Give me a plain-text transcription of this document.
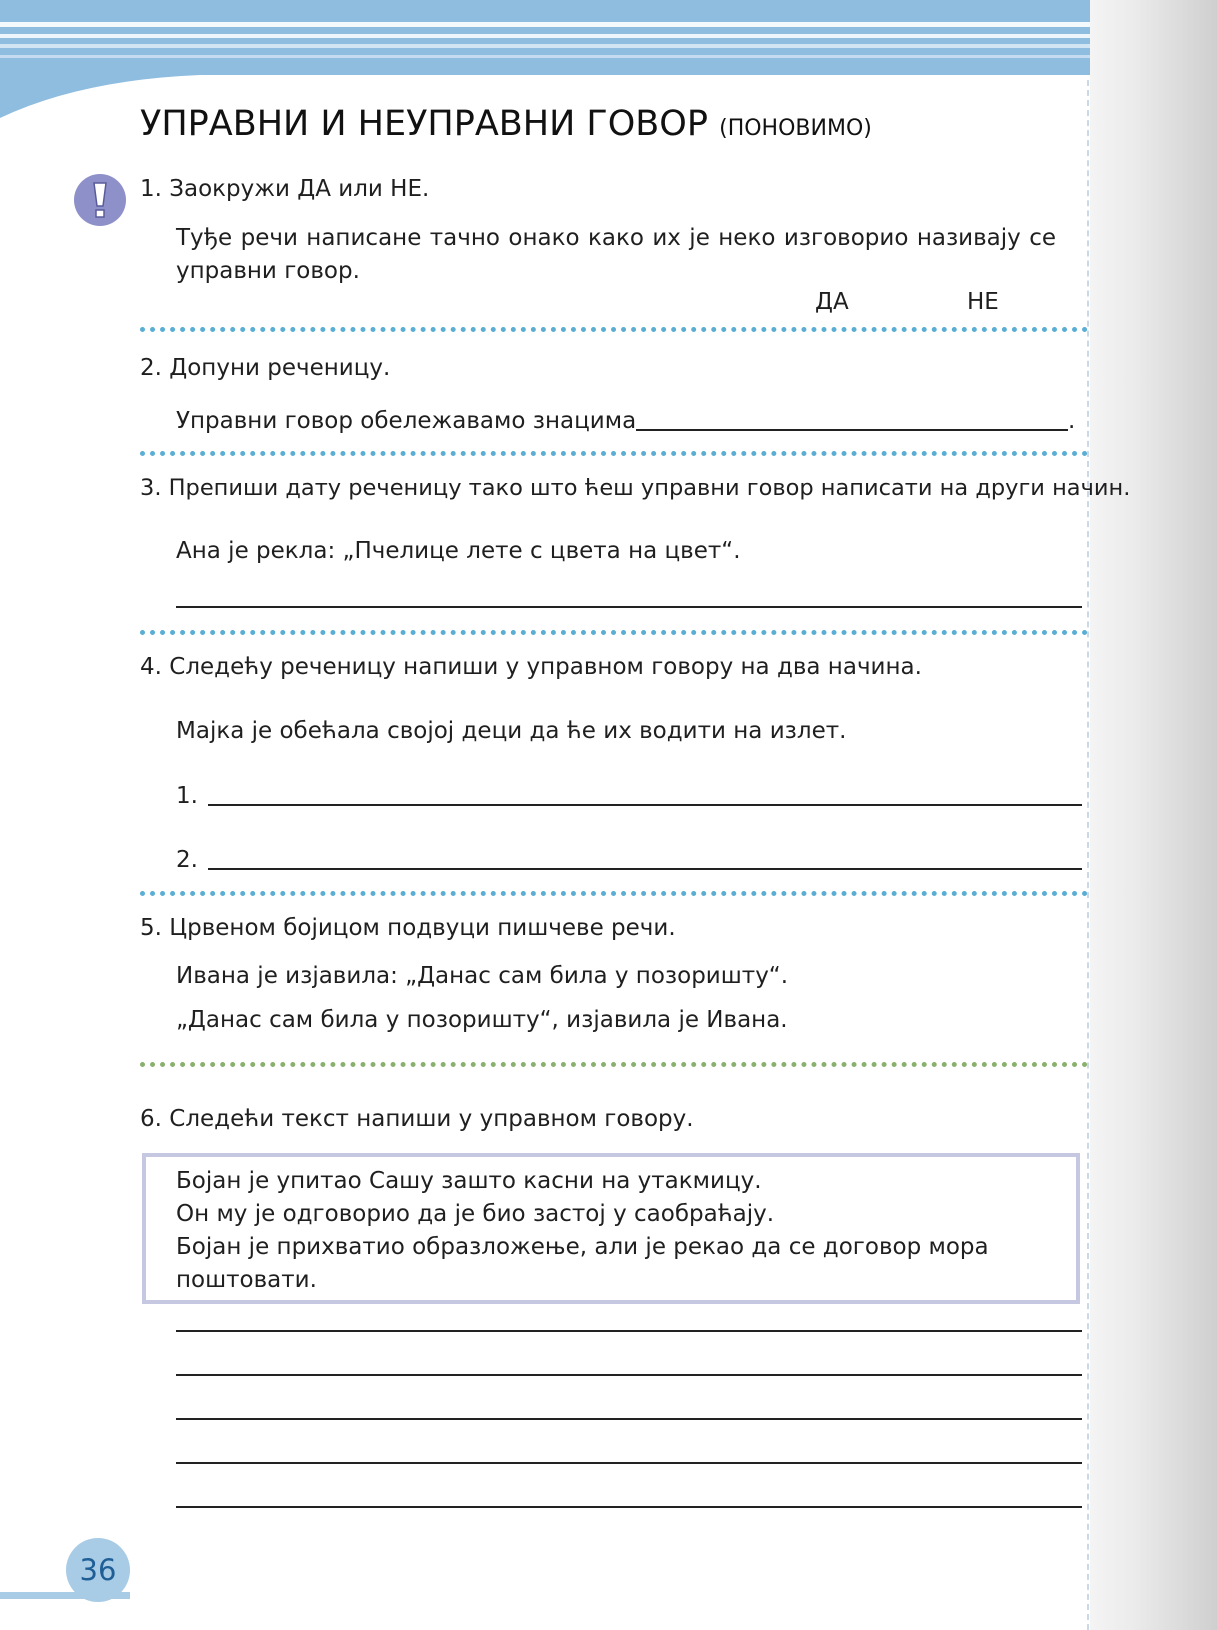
УПРАВНИ И НЕУПРАВНИ ГОВОР (ПОНОВИМО)
1. Заокружи ДА или НЕ.
Туђе речи написане тачно онако како их је неко изговорио називају се управни говор.
ДА	НЕ
2. Допуни реченицу.
Управни говор обележавамо знацима	.
3. Препиши дату реченицу тако што ћеш управни говор написати на други начин.
Ана је рекла: „Пчелице лете с цвета на цвет“.
4. Следећу реченицу напиши у управном говору на два начина.
Мајка је обећала својој деци да ће их водити на излет.
1.
2.
5. Црвеном бојицом подвуци пишчеве речи.
Ивана је изјавила: „Данас сам била у позоришту“.
„Данас сам била у позоришту“, изјавила је Ивана.
6. Следећи текст напиши у управном говору.
Бојан је упитао Сашу зашто касни на утакмицу.
Он му је одговорио да је био застој у саобраћају.
Бојан је прихватио образложење, али је рекао да се договор мора поштовати.
36
